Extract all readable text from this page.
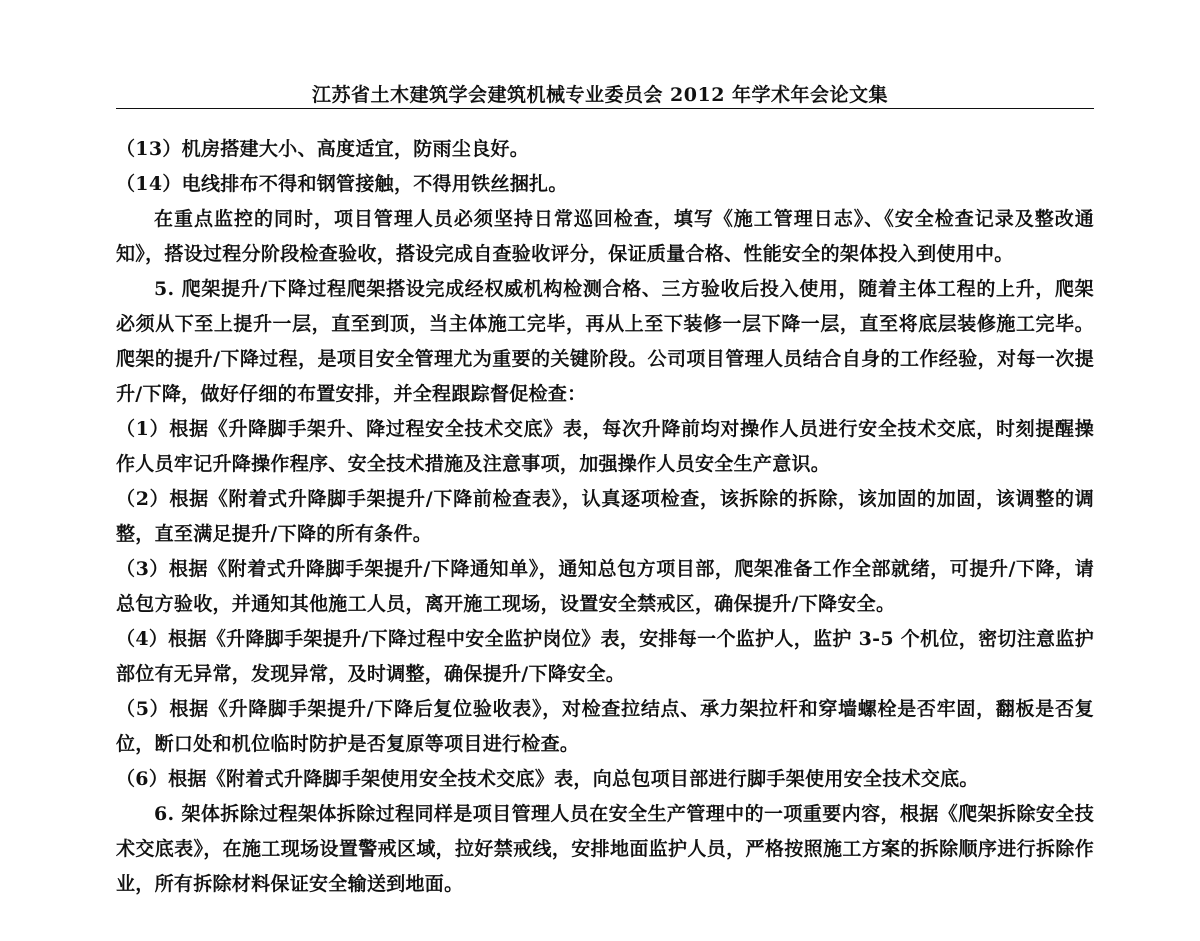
江苏省土木建筑学会建筑机械专业委员会 2012 年学术年会论文集

（13）机房搭建大小、高度适宜，防雨尘良好。

（14）电线排布不得和钢管接触，不得用铁丝捆扎。

在重点监控的同时，项目管理人员必须坚持日常巡回检查，填写《施工管理日志》、《安全检查记录及整改通知》，搭设过程分阶段检查验收，搭设完成自查验收评分，保证质量合格、性能安全的架体投入到使用中。

5. 爬架提升/下降过程爬架搭设完成经权威机构检测合格、三方验收后投入使用，随着主体工程的上升，爬架必须从下至上提升一层，直至到顶，当主体施工完毕，再从上至下装修一层下降一层，直至将底层装修施工完毕。爬架的提升/下降过程，是项目安全管理尤为重要的关键阶段。公司项目管理人员结合自身的工作经验，对每一次提升/下降，做好仔细的布置安排，并全程跟踪督促检查：

（1）根据《升降脚手架升、降过程安全技术交底》表，每次升降前均对操作人员进行安全技术交底，时刻提醒操作人员牢记升降操作程序、安全技术措施及注意事项，加强操作人员安全生产意识。

（2）根据《附着式升降脚手架提升/下降前检查表》，认真逐项检查，该拆除的拆除，该加固的加固，该调整的调整，直至满足提升/下降的所有条件。

（3）根据《附着式升降脚手架提升/下降通知单》，通知总包方项目部，爬架准备工作全部就绪，可提升/下降，请总包方验收，并通知其他施工人员，离开施工现场，设置安全禁戒区，确保提升/下降安全。

（4）根据《升降脚手架提升/下降过程中安全监护岗位》表，安排每一个监护人，监护 3-5 个机位，密切注意监护部位有无异常，发现异常，及时调整，确保提升/下降安全。

（5）根据《升降脚手架提升/下降后复位验收表》，对检查拉结点、承力架拉杆和穿墙螺栓是否牢固，翻板是否复位，断口处和机位临时防护是否复原等项目进行检查。

（6）根据《附着式升降脚手架使用安全技术交底》表，向总包项目部进行脚手架使用安全技术交底。

6. 架体拆除过程架体拆除过程同样是项目管理人员在安全生产管理中的一项重要内容，根据《爬架拆除安全技术交底表》，在施工现场设置警戒区域，拉好禁戒线，安排地面监护人员，严格按照施工方案的拆除顺序进行拆除作业，所有拆除材料保证安全输送到地面。
